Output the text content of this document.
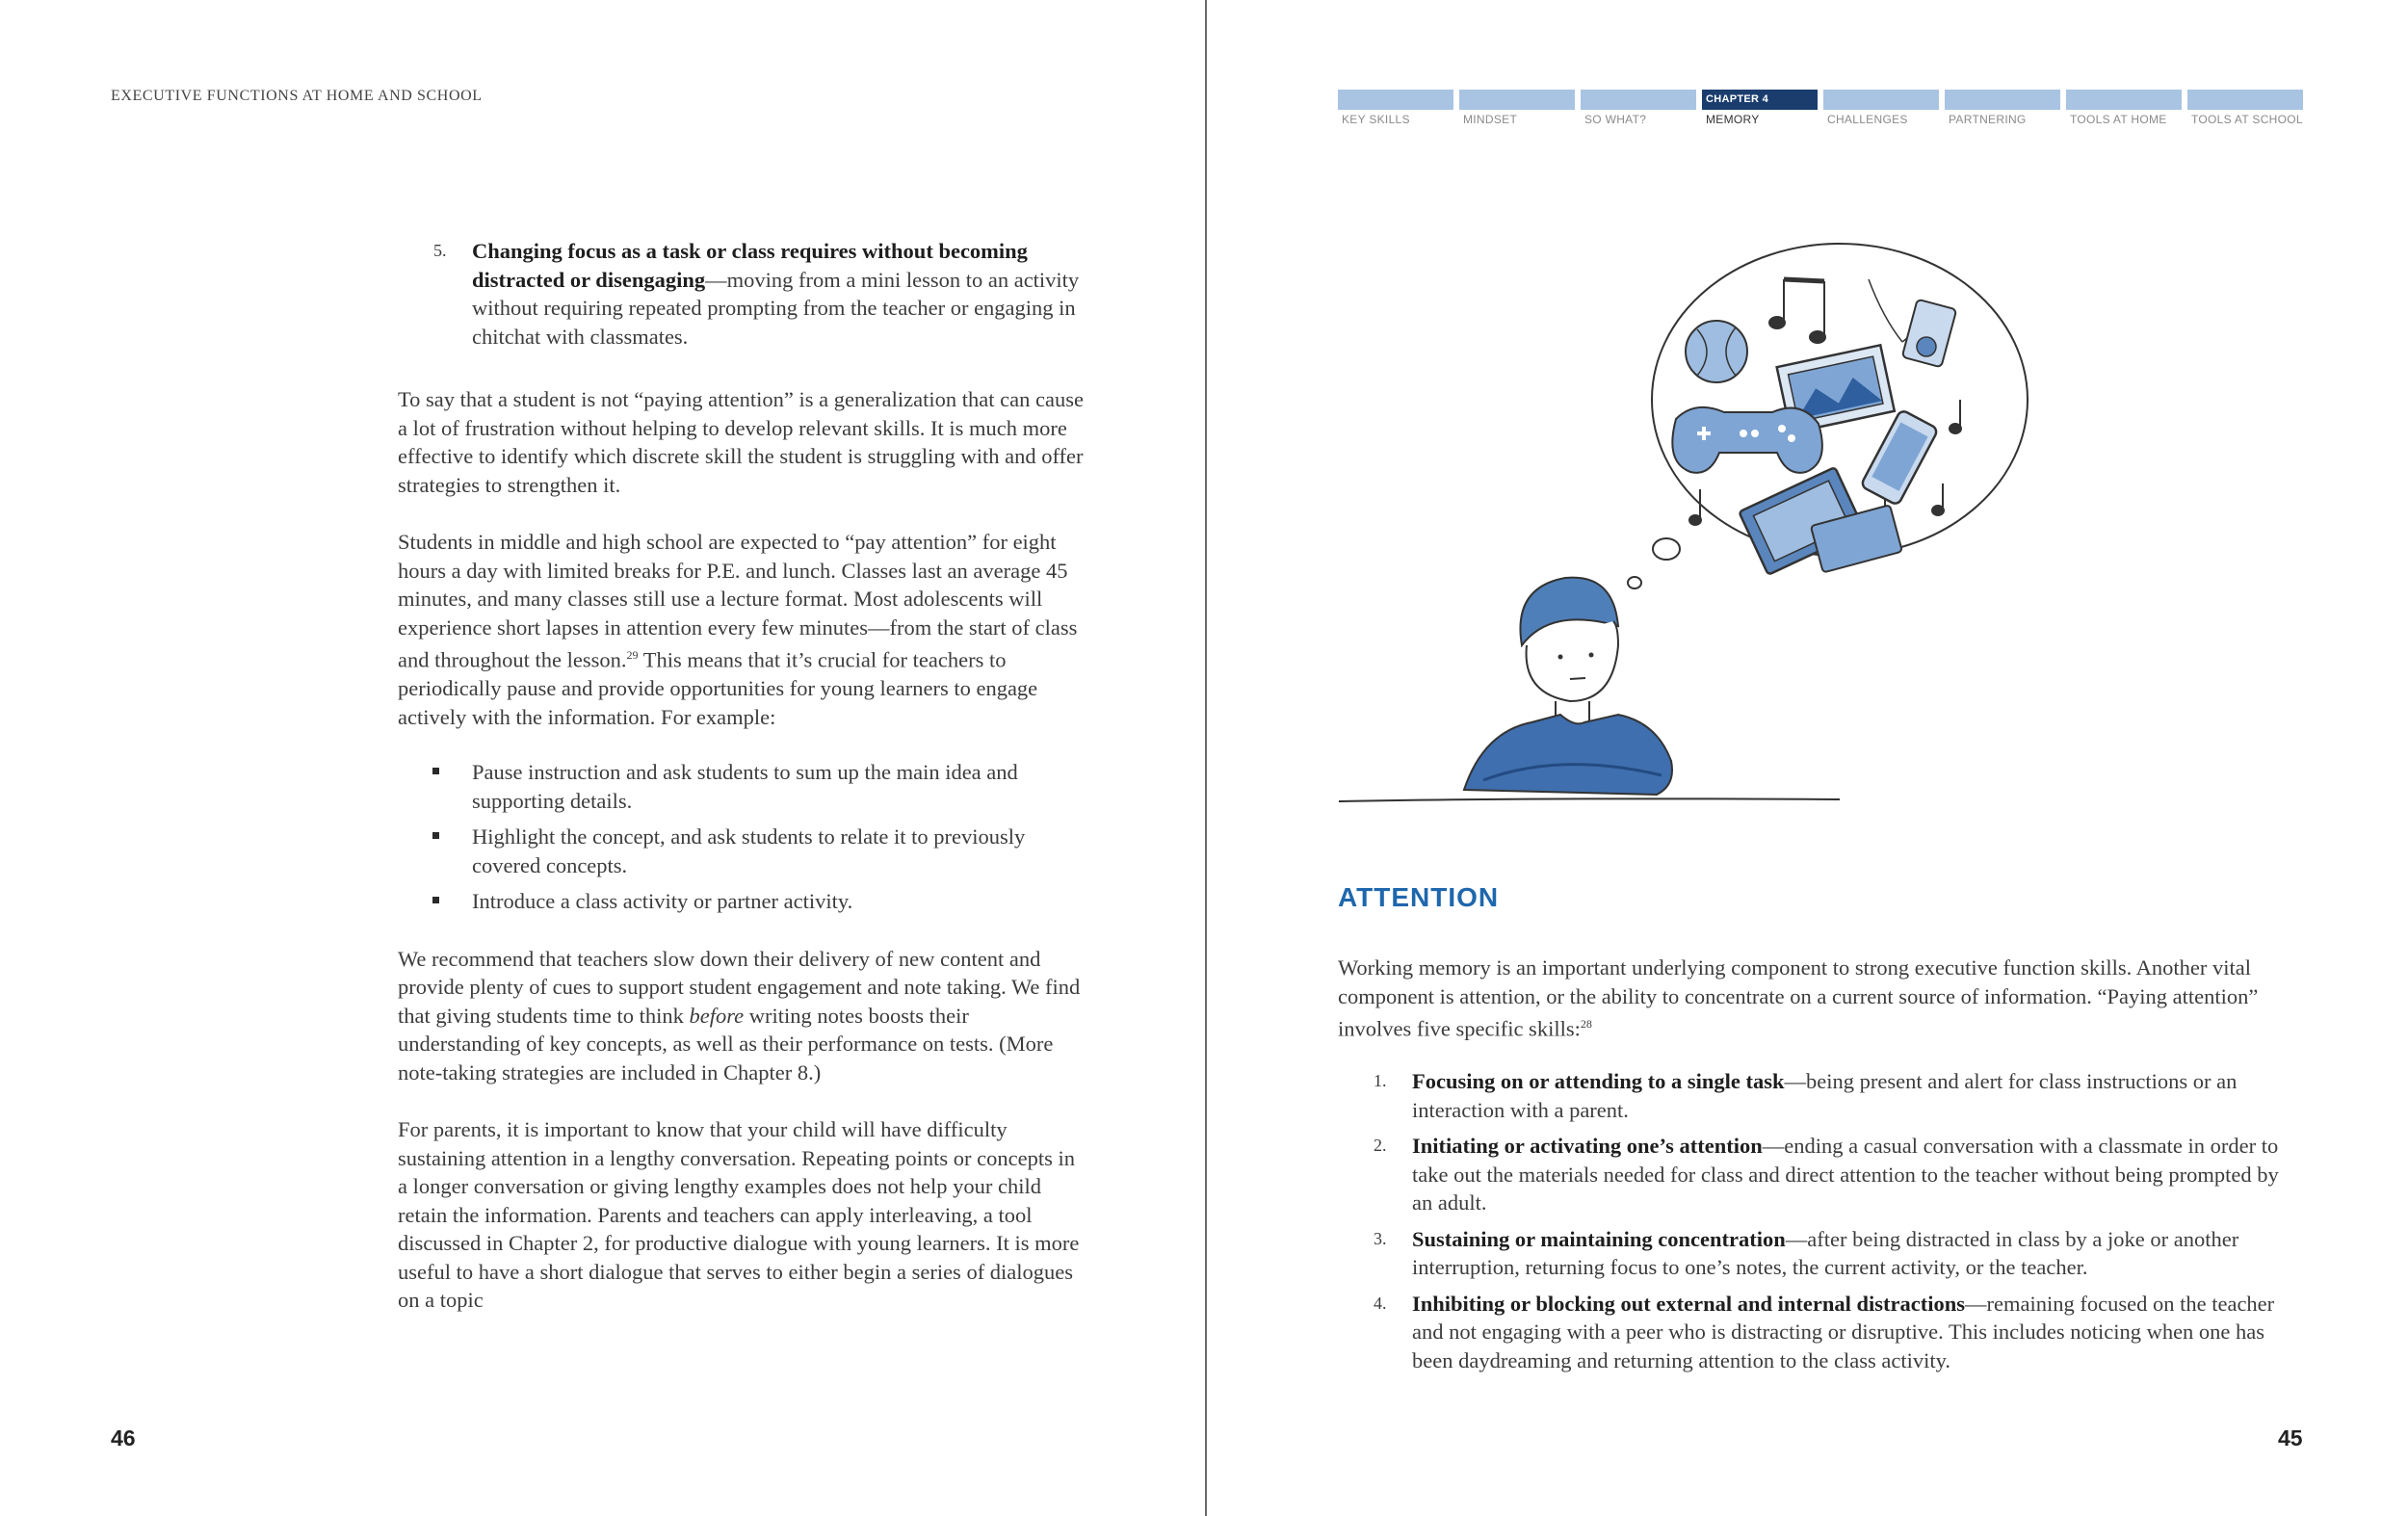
EXECUTIVE FUNCTIONS AT HOME AND SCHOOL
5. Changing focus as a task or class requires without becoming distracted or disengaging—moving from a mini lesson to an activity without requiring repeated prompting from the teacher or engaging in chitchat with classmates.

To say that a student is not “paying attention” is a generalization that can cause a lot of frustration without helping to develop relevant skills. It is much more effective to identify which discrete skill the student is struggling with and offer strategies to strengthen it.

Students in middle and high school are expected to “pay attention” for eight hours a day with limited breaks for P.E. and lunch. Classes last an average 45 minutes, and many classes still use a lecture format. Most adolescents will experience short lapses in attention every few minutes—from the start of class and throughout the lesson.$^{29}$ This means that it’s crucial for teachers to periodically pause and provide opportunities for young learners to engage actively with the information. For example:

Pause instruction and ask students to sum up the main idea and supporting details.
Highlight the concept, and ask students to relate it to previously covered concepts.
Introduce a class activity or partner activity.

We recommend that teachers slow down their delivery of new content and provide plenty of cues to support student engagement and note taking. We find that giving students time to think before writing notes boosts their understanding of key concepts, as well as their performance on tests. (More note-taking strategies are included in Chapter 8.)

For parents, it is important to know that your child will have difficulty sustaining attention in a lengthy conversation. Repeating points or concepts in a longer conversation or giving lengthy examples does not help your child retain the information. Parents and teachers can apply interleaving, a tool discussed in Chapter 2, for productive dialogue with young learners. It is more useful to have a short dialogue that serves to either begin a series of dialogues on a topic

46
KEY SKILLS	MINDSET	SO WHAT?
CHAPTER 4
MEMORY	CHALLENGES	PARTNERING	TOOLS AT HOME	TOOLS AT SCHOOL
ATTENTION

Working memory is an important underlying component to strong executive function skills. Another vital component is attention, or the ability to concentrate on a current source of information. “Paying attention” involves five specific skills:$^{28}$

1. Focusing on or attending to a single task—being present and alert for class instructions or an interaction with a parent.
2. Initiating or activating one’s attention—ending a casual conversation with a classmate in order to take out the materials needed for class and direct attention to the teacher without being prompted by an adult.
3. Sustaining or maintaining concentration—after being distracted in class by a joke or another interruption, returning focus to one’s notes, the current activity, or the teacher.
4. Inhibiting or blocking out external and internal distractions—remaining focused on the teacher and not engaging with a peer who is distracting or disruptive. This includes noticing when one has been daydreaming and returning attention to the class activity.
45
